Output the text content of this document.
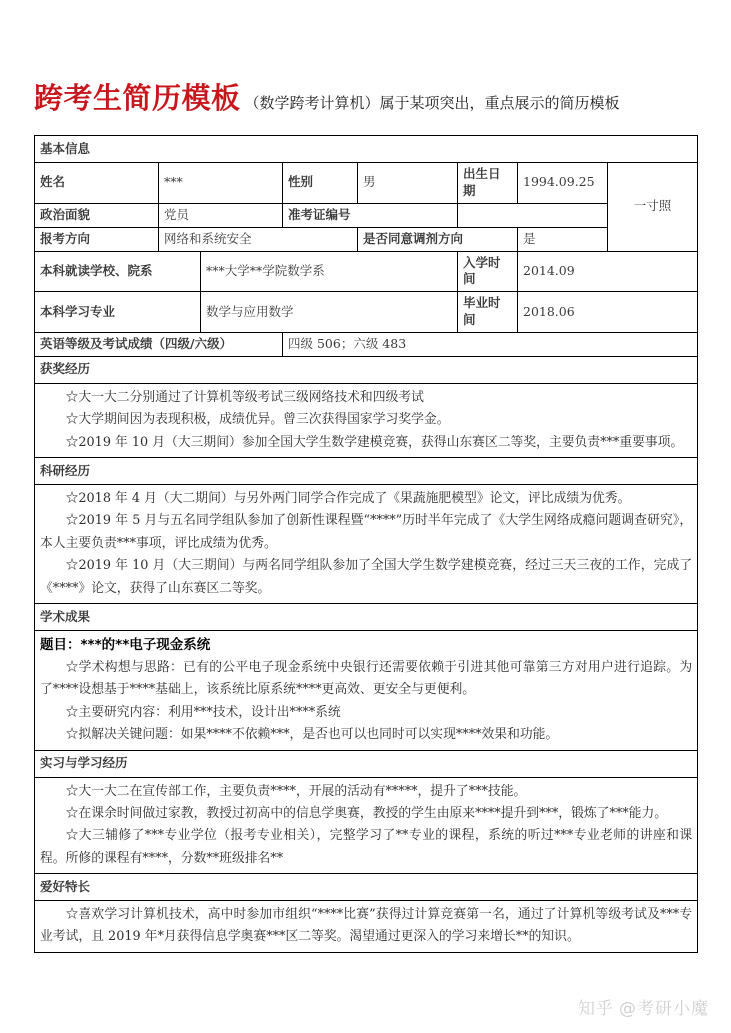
跨考生简历模板 （数学跨考计算机）属于某项突出，重点展示的简历模板
基本信息							
姓名	***		性别	男	出生日期	1994.09.25	一寸照
政治面貌	党员		准考证编号				
报考方向	网络和系统安全			是否同意调剂方向		是	
本科就读学校、院系		***大学**学院数学系			入学时间	2014.09	
本科学习专业		数学与应用数学			毕业时间	2018.06	
英语等级及考试成绩（四级/六级）			四级 506；六级 483				
获奖经历							

☆大一大二分别通过了计算机等级考试三级网络技术和四级考试

☆大学期间因为表现积极，成绩优异。曾三次获得国家学习奖学金。

☆2019 年 10 月（大三期间）参加全国大学生数学建模竞赛，获得山东赛区二等奖，主要负责***重要事项。							

科研经历							

☆2018 年 4 月（大二期间）与另外两门同学合作完成了《果蔬施肥模型》论文，评比成绩为优秀。

☆2019 年 5 月与五名同学组队参加了创新性课程暨“****”历时半年完成了《大学生网络成瘾问题调查研究》，本人主要负责***事项，评比成绩为优秀。

☆2019 年 10 月（大三期间）与两名同学组队参加了全国大学生数学建模竞赛，经过三天三夜的工作，完成了《****》论文，获得了山东赛区二等奖。							

学术成果							

题目：***的**电子现金系统

☆学术构想与思路：已有的公平电子现金系统中央银行还需要依赖于引进其他可靠第三方对用户进行追踪。为了****设想基于****基础上，该系统比原系统****更高效、更安全与更便利。

☆主要研究内容：利用***技术，设计出****系统

☆拟解决关键问题：如果****不依赖***，是否也可以也同时可以实现****效果和功能。							

实习与学习经历							

☆大一大二在宣传部工作，主要负责****，开展的活动有*****，提升了***技能。

☆在课余时间做过家教，教授过初高中的信息学奥赛，教授的学生由原来****提升到***，锻炼了***能力。

☆大三辅修了***专业学位（报考专业相关），完整学习了**专业的课程，系统的听过***专业老师的讲座和课程。所修的课程有****，分数**班级排名**							

爱好特长							

☆喜欢学习计算机技术，高中时参加市组织“****比赛”获得过计算竞赛第一名，通过了计算机等级考试及***专业考试，且 2019 年*月获得信息学奥赛***区二等奖。渴望通过更深入的学习来增长**的知识。							

知乎 @考研小魔
